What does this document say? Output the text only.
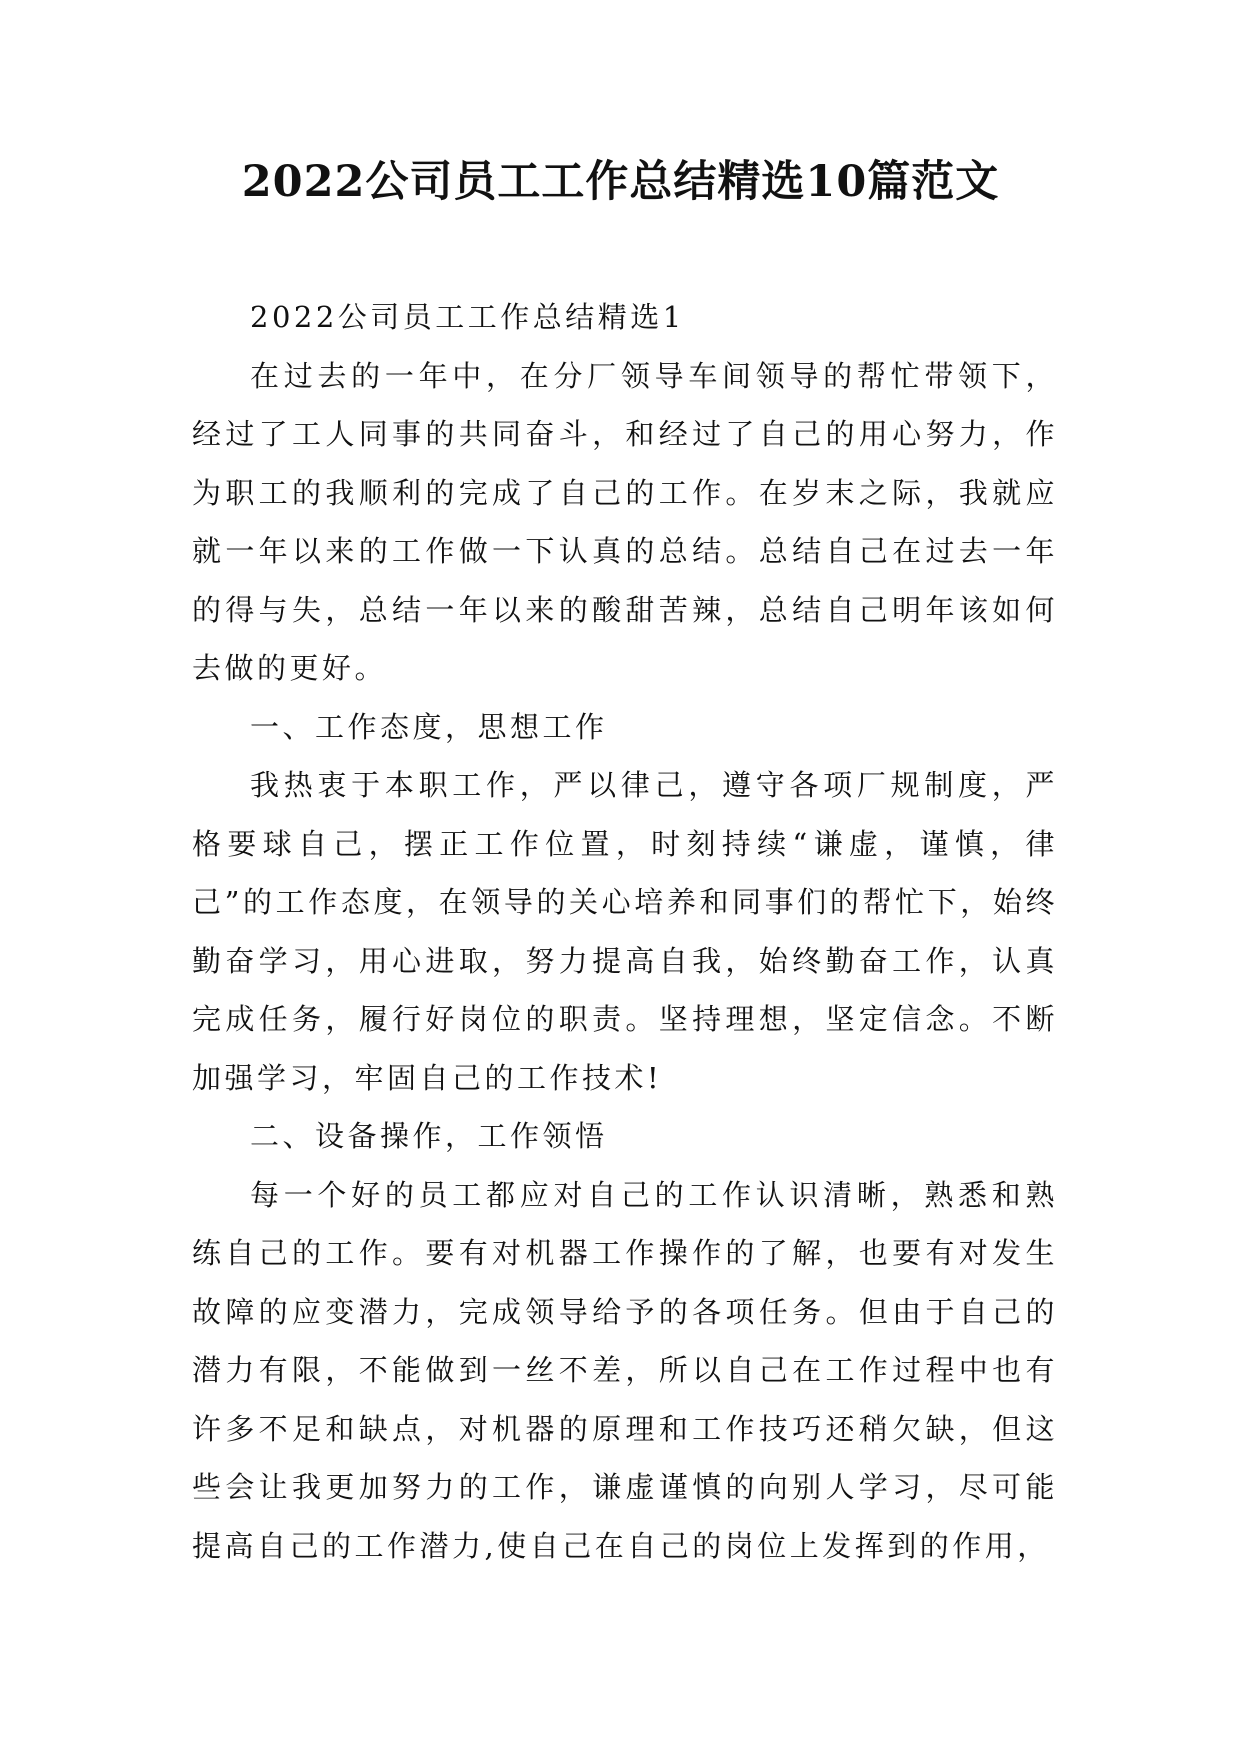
2022公司员工工作总结精选10篇范文

2022公司员工工作总结精选1

在过去的一年中，在分厂领导车间领导的帮忙带领下，经过了工人同事的共同奋斗，和经过了自己的用心努力，作为职工的我顺利的完成了自己的工作。在岁末之际，我就应就一年以来的工作做一下认真的总结。总结自己在过去一年的得与失，总结一年以来的酸甜苦辣，总结自己明年该如何去做的更好。

一、工作态度，思想工作

我热衷于本职工作，严以律己，遵守各项厂规制度，严格要球自己，摆正工作位置，时刻持续“谦虚，谨慎，律己”的工作态度，在领导的关心培养和同事们的帮忙下，始终勤奋学习，用心进取，努力提高自我，始终勤奋工作，认真完成任务，履行好岗位的职责。坚持理想，坚定信念。不断加强学习，牢固自己的工作技术!

二、设备操作，工作领悟

每一个好的员工都应对自己的工作认识清晰，熟悉和熟练自己的工作。要有对机器工作操作的了解，也要有对发生故障的应变潜力，完成领导给予的各项任务。但由于自己的潜力有限，不能做到一丝不差，所以自己在工作过程中也有许多不足和缺点，对机器的原理和工作技巧还稍欠缺，但这些会让我更加努力的工作，谦虚谨慎的向别人学习，尽可能提高自己的工作潜力,使自己在自己的岗位上发挥到的作用，
